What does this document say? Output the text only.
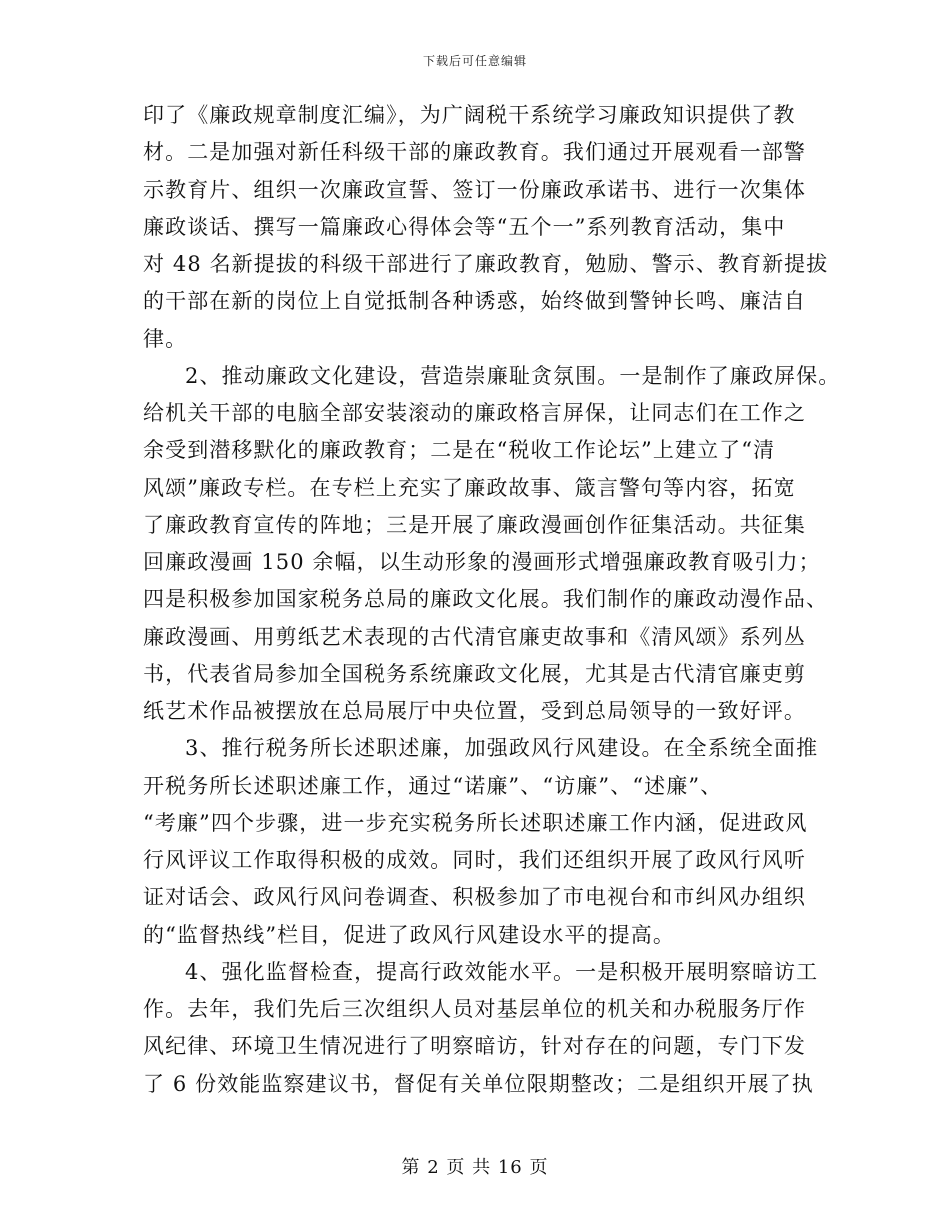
下载后可任意编辑
印了《廉政规章制度汇编》，为广阔税干系统学习廉政知识提供了教
材。二是加强对新任科级干部的廉政教育。我们通过开展观看一部警
示教育片、组织一次廉政宣誓、签订一份廉政承诺书、进行一次集体
廉政谈话、撰写一篇廉政心得体会等“五个一”系列教育活动，集中
对 48 名新提拔的科级干部进行了廉政教育，勉励、警示、教育新提拔
的干部在新的岗位上自觉抵制各种诱惑，始终做到警钟长鸣、廉洁自
律。
2、推动廉政文化建设，营造崇廉耻贪氛围。一是制作了廉政屏保。
给机关干部的电脑全部安装滚动的廉政格言屏保，让同志们在工作之
余受到潜移默化的廉政教育；二是在“税收工作论坛”上建立了“清
风颂”廉政专栏。在专栏上充实了廉政故事、箴言警句等内容，拓宽
了廉政教育宣传的阵地；三是开展了廉政漫画创作征集活动。共征集
回廉政漫画 150 余幅，以生动形象的漫画形式增强廉政教育吸引力；
四是积极参加国家税务总局的廉政文化展。我们制作的廉政动漫作品、
廉政漫画、用剪纸艺术表现的古代清官廉吏故事和《清风颂》系列丛
书，代表省局参加全国税务系统廉政文化展，尤其是古代清官廉吏剪
纸艺术作品被摆放在总局展厅中央位置，受到总局领导的一致好评。
3、推行税务所长述职述廉，加强政风行风建设。在全系统全面推
开税务所长述职述廉工作，通过“诺廉”、“访廉”、“述廉”、
“考廉”四个步骤，进一步充实税务所长述职述廉工作内涵，促进政风
行风评议工作取得积极的成效。同时，我们还组织开展了政风行风听
证对话会、政风行风问卷调查、积极参加了市电视台和市纠风办组织
的“监督热线”栏目，促进了政风行风建设水平的提高。
4、强化监督检查，提高行政效能水平。一是积极开展明察暗访工
作。去年，我们先后三次组织人员对基层单位的机关和办税服务厅作
风纪律、环境卫生情况进行了明察暗访，针对存在的问题，专门下发
了 6 份效能监察建议书，督促有关单位限期整改；二是组织开展了执
第 2 页 共 16 页
